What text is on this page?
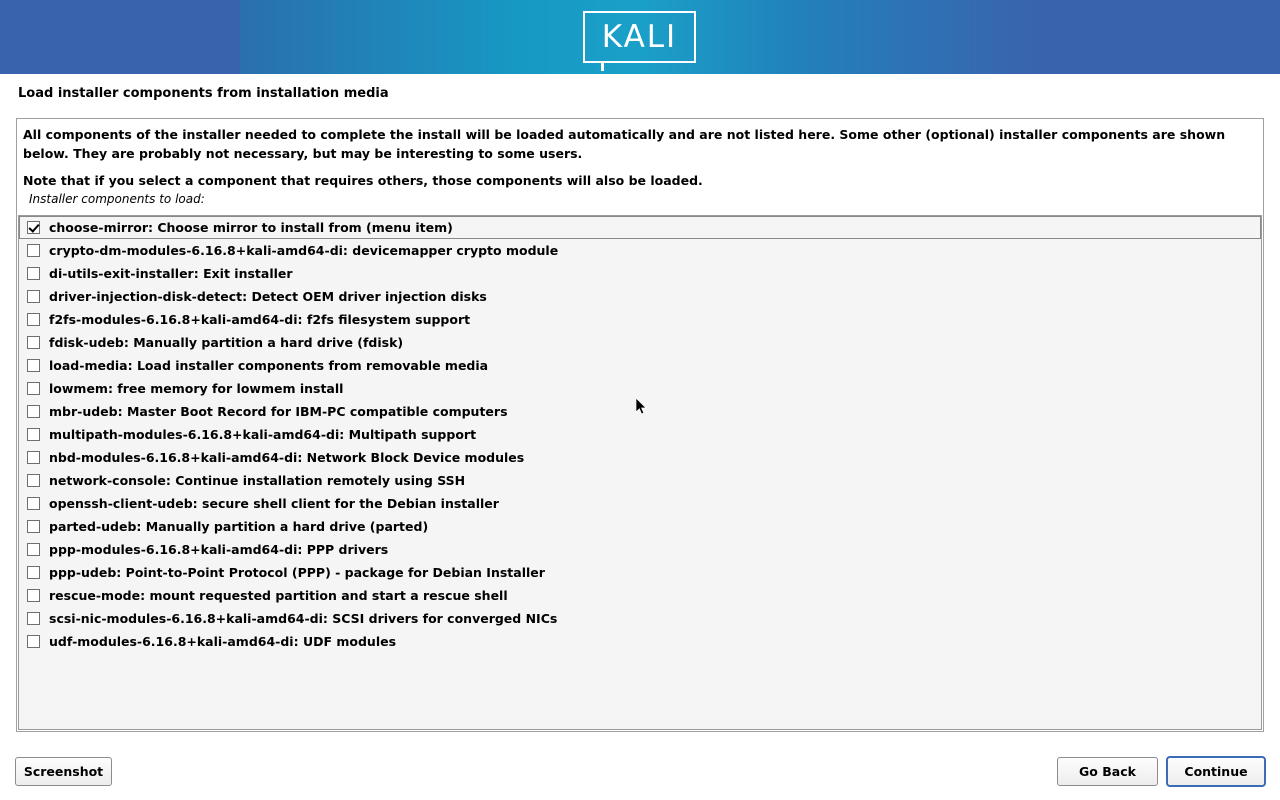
KALI
Load installer components from installation media
All components of the installer needed to complete the install will be loaded automatically and are not listed here. Some other (optional) installer components are shown below. They are probably not necessary, but may be interesting to some users.
Note that if you select a component that requires others, those components will also be loaded.
Installer components to load:
choose-mirror: Choose mirror to install from (menu item)
crypto-dm-modules-6.16.8+kali-amd64-di: devicemapper crypto module
di-utils-exit-installer: Exit installer
driver-injection-disk-detect: Detect OEM driver injection disks
f2fs-modules-6.16.8+kali-amd64-di: f2fs filesystem support
fdisk-udeb: Manually partition a hard drive (fdisk)
load-media: Load installer components from removable media
lowmem: free memory for lowmem install
mbr-udeb: Master Boot Record for IBM-PC compatible computers
multipath-modules-6.16.8+kali-amd64-di: Multipath support
nbd-modules-6.16.8+kali-amd64-di: Network Block Device modules
network-console: Continue installation remotely using SSH
openssh-client-udeb: secure shell client for the Debian installer
parted-udeb: Manually partition a hard drive (parted)
ppp-modules-6.16.8+kali-amd64-di: PPP drivers
ppp-udeb: Point-to-Point Protocol (PPP) - package for Debian Installer
rescue-mode: mount requested partition and start a rescue shell
scsi-nic-modules-6.16.8+kali-amd64-di: SCSI drivers for converged NICs
udf-modules-6.16.8+kali-amd64-di: UDF modules
Screenshot	Go Back	Continue
